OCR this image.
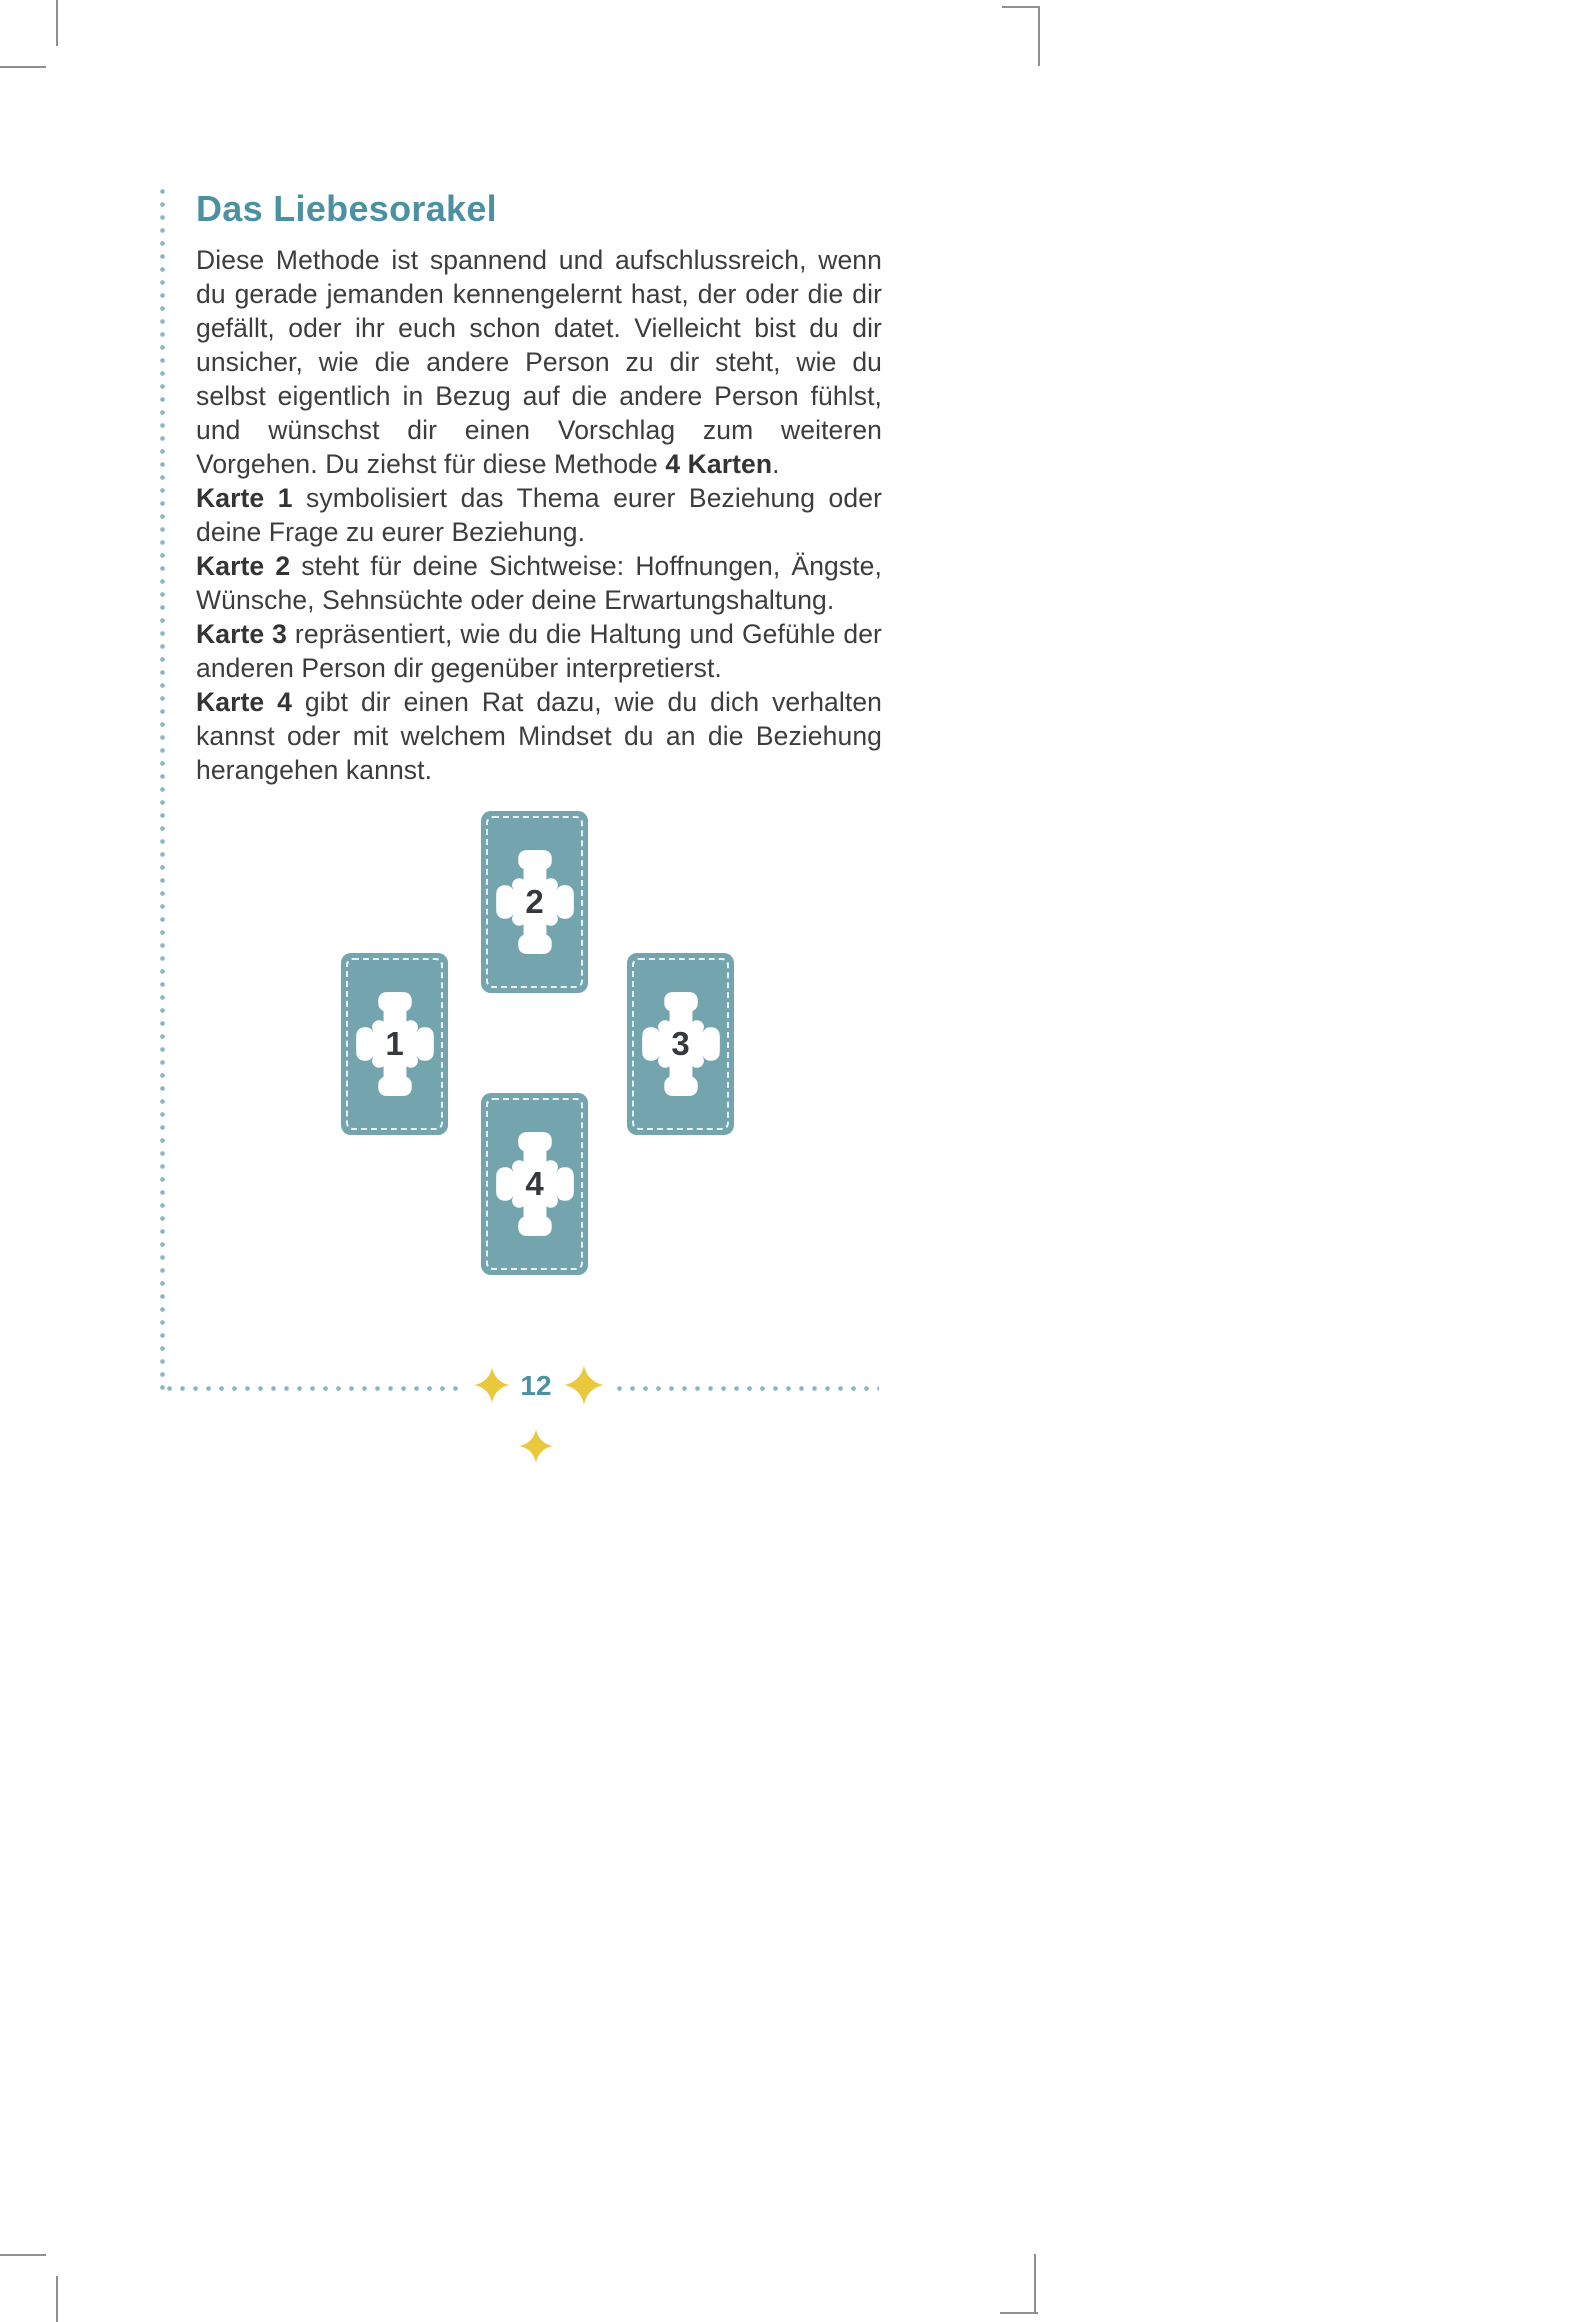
Das Liebesorakel

Diese Methode ist spannend und aufschlussreich, wenn du gerade jemanden kennengelernt hast, der oder die dir gefällt, oder ihr euch schon datet. Vielleicht bist du dir unsicher, wie die andere Person zu dir steht, wie du selbst eigentlich in Bezug auf die andere Person fühlst, und wünschst dir einen Vorschlag zum weiteren Vorgehen. Du ziehst für diese Methode 4 Karten.

Karte 1 symbolisiert das Thema eurer Beziehung oder deine Frage zu eurer Beziehung.

Karte 2 steht für deine Sichtweise: Hoffnungen, Ängste, Wünsche, Sehnsüchte oder deine Erwartungshaltung.

Karte 3 repräsentiert, wie du die Haltung und Gefühle der anderen Person dir gegenüber interpretierst.

Karte 4 gibt dir einen Rat dazu, wie du dich verhalten kannst oder mit welchem Mindset du an die Beziehung herangehen kannst.

2
1	3
4
12
